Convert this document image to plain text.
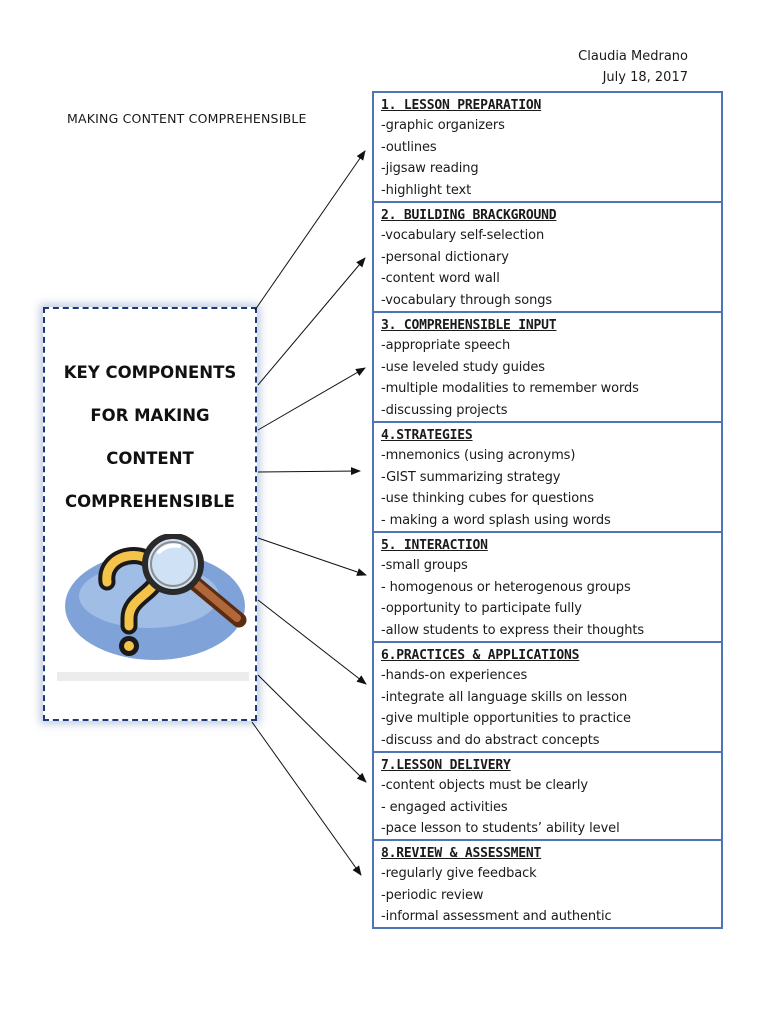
Claudia Medrano
July 18, 2017
MAKING CONTENT COMPREHENSIBLE
KEY COMPONENTS
FOR MAKING
CONTENT
COMPREHENSIBLE
1. LESSON PREPARATION
-graphic organizers
-outlines
-jigsaw reading
-highlight text
2. BUILDING BRACKGROUND
-vocabulary self-selection
-personal dictionary
-content word wall
-vocabulary through songs
3. COMPREHENSIBLE INPUT
-appropriate speech
-use leveled study guides
-multiple modalities to remember words
-discussing projects
4.STRATEGIES
-mnemonics (using acronyms)
-GIST summarizing strategy
-use thinking cubes for questions
- making a word splash using words
5. INTERACTION
-small groups
- homogenous or heterogenous groups
-opportunity to participate fully
-allow students to express their thoughts
6.PRACTICES & APPLICATIONS
-hands-on experiences
-integrate all language skills on lesson
-give multiple opportunities to practice
-discuss and do abstract concepts
7.LESSON DELIVERY
-content objects must be clearly
- engaged activities
-pace lesson to students’ ability level
8.REVIEW & ASSESSMENT
-regularly give feedback
-periodic review
-informal assessment and authentic
